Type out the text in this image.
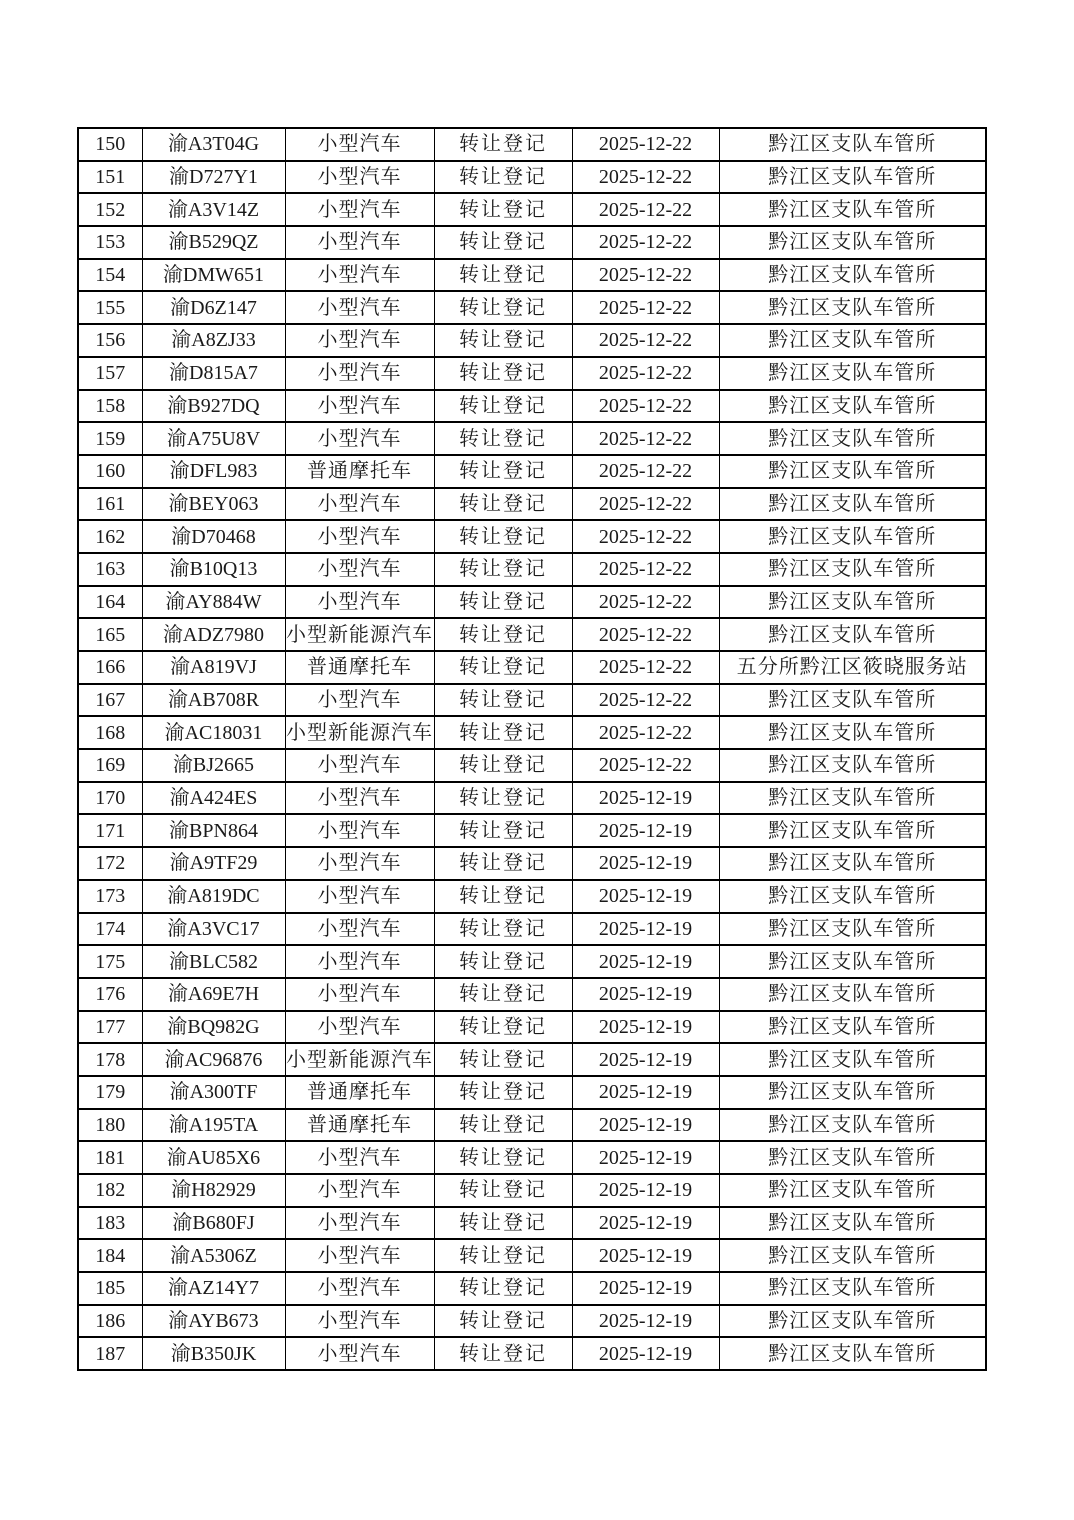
150	渝A3T04G	小型汽车	转让登记	2025-12-22	黔江区支队车管所
151	渝D727Y1	小型汽车	转让登记	2025-12-22	黔江区支队车管所
152	渝A3V14Z	小型汽车	转让登记	2025-12-22	黔江区支队车管所
153	渝B529QZ	小型汽车	转让登记	2025-12-22	黔江区支队车管所
154	渝DMW651	小型汽车	转让登记	2025-12-22	黔江区支队车管所
155	渝D6Z147	小型汽车	转让登记	2025-12-22	黔江区支队车管所
156	渝A8ZJ33	小型汽车	转让登记	2025-12-22	黔江区支队车管所
157	渝D815A7	小型汽车	转让登记	2025-12-22	黔江区支队车管所
158	渝B927DQ	小型汽车	转让登记	2025-12-22	黔江区支队车管所
159	渝A75U8V	小型汽车	转让登记	2025-12-22	黔江区支队车管所
160	渝DFL983	普通摩托车	转让登记	2025-12-22	黔江区支队车管所
161	渝BEY063	小型汽车	转让登记	2025-12-22	黔江区支队车管所
162	渝D70468	小型汽车	转让登记	2025-12-22	黔江区支队车管所
163	渝B10Q13	小型汽车	转让登记	2025-12-22	黔江区支队车管所
164	渝AY884W	小型汽车	转让登记	2025-12-22	黔江区支队车管所
165	渝ADZ7980	小型新能源汽车	转让登记	2025-12-22	黔江区支队车管所
166	渝A819VJ	普通摩托车	转让登记	2025-12-22	五分所黔江区筱晓服务站
167	渝AB708R	小型汽车	转让登记	2025-12-22	黔江区支队车管所
168	渝AC18031	小型新能源汽车	转让登记	2025-12-22	黔江区支队车管所
169	渝BJ2665	小型汽车	转让登记	2025-12-22	黔江区支队车管所
170	渝A424ES	小型汽车	转让登记	2025-12-19	黔江区支队车管所
171	渝BPN864	小型汽车	转让登记	2025-12-19	黔江区支队车管所
172	渝A9TF29	小型汽车	转让登记	2025-12-19	黔江区支队车管所
173	渝A819DC	小型汽车	转让登记	2025-12-19	黔江区支队车管所
174	渝A3VC17	小型汽车	转让登记	2025-12-19	黔江区支队车管所
175	渝BLC582	小型汽车	转让登记	2025-12-19	黔江区支队车管所
176	渝A69E7H	小型汽车	转让登记	2025-12-19	黔江区支队车管所
177	渝BQ982G	小型汽车	转让登记	2025-12-19	黔江区支队车管所
178	渝AC96876	小型新能源汽车	转让登记	2025-12-19	黔江区支队车管所
179	渝A300TF	普通摩托车	转让登记	2025-12-19	黔江区支队车管所
180	渝A195TA	普通摩托车	转让登记	2025-12-19	黔江区支队车管所
181	渝AU85X6	小型汽车	转让登记	2025-12-19	黔江区支队车管所
182	渝H82929	小型汽车	转让登记	2025-12-19	黔江区支队车管所
183	渝B680FJ	小型汽车	转让登记	2025-12-19	黔江区支队车管所
184	渝A5306Z	小型汽车	转让登记	2025-12-19	黔江区支队车管所
185	渝AZ14Y7	小型汽车	转让登记	2025-12-19	黔江区支队车管所
186	渝AYB673	小型汽车	转让登记	2025-12-19	黔江区支队车管所
187	渝B350JK	小型汽车	转让登记	2025-12-19	黔江区支队车管所
